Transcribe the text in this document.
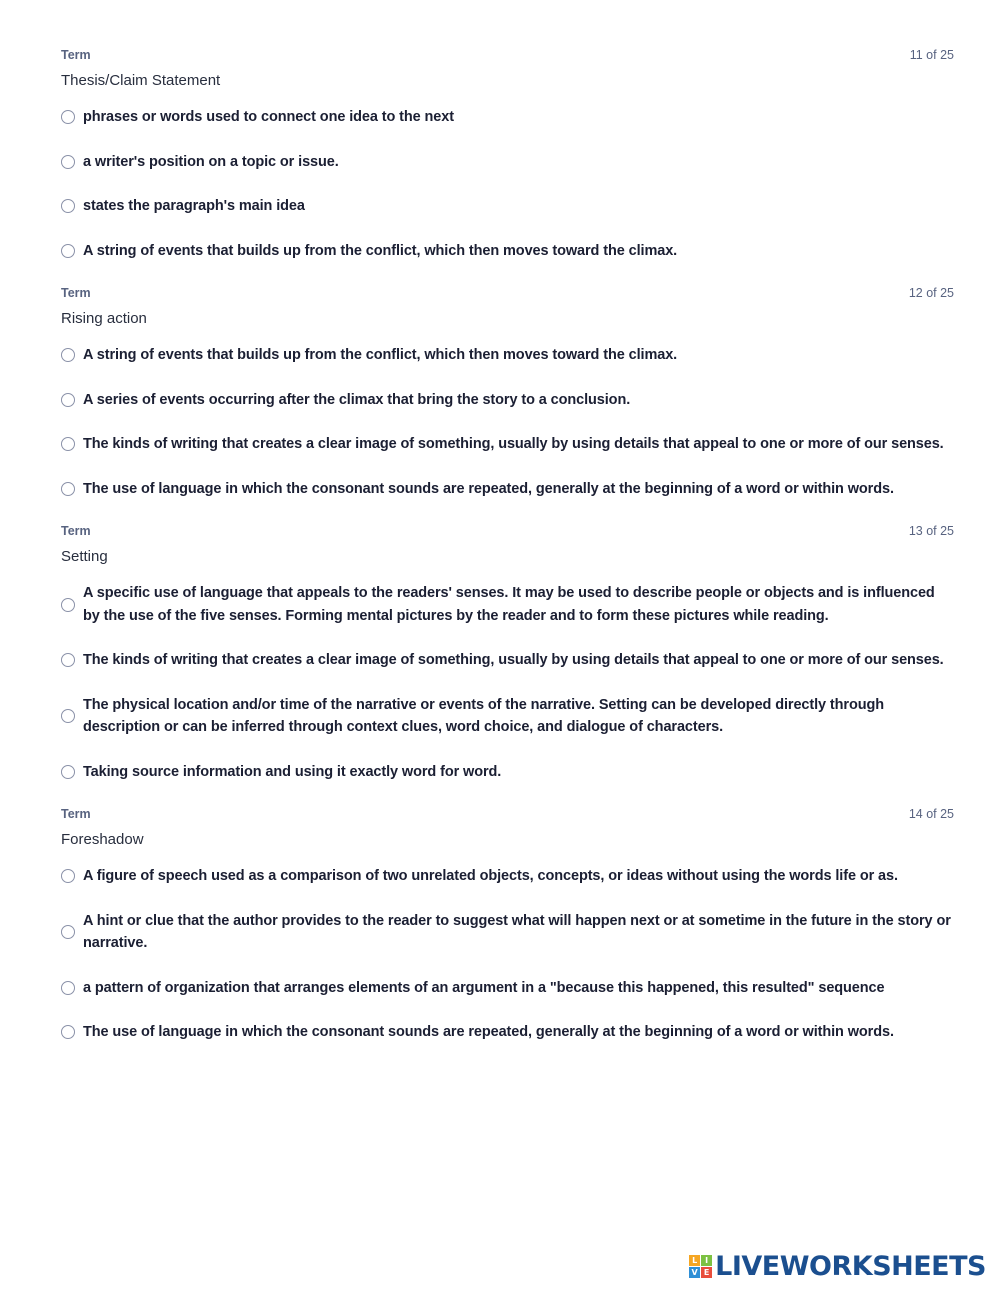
Term	11 of 25
Thesis/Claim Statement
phrases or words used to connect one idea to the next
a writer's position on a topic or issue.
states the paragraph's main idea
A string of events that builds up from the conflict, which then moves toward the climax.
Term	12 of 25
Rising action
A string of events that builds up from the conflict, which then moves toward the climax.
A series of events occurring after the climax that bring the story to a conclusion.
The kinds of writing that creates a clear image of something, usually by using details that appeal to one or more of our senses.
The use of language in which the consonant sounds are repeated, generally at the beginning of a word or within words.
Term	13 of 25
Setting
A specific use of language that appeals to the readers' senses. It may be used to describe people or objects and is influenced by the use of the five senses. Forming mental pictures by the reader and to form these pictures while reading.
The kinds of writing that creates a clear image of something, usually by using details that appeal to one or more of our senses.
The physical location and/or time of the narrative or events of the narrative. Setting can be developed directly through description or can be inferred through context clues, word choice, and dialogue of characters.
Taking source information and using it exactly word for word.
Term	14 of 25
Foreshadow
A figure of speech used as a comparison of two unrelated objects, concepts, or ideas without using the words life or as.
A hint or clue that the author provides to the reader to suggest what will happen next or at sometime in the future in the story or narrative.
a pattern of organization that arranges elements of an argument in a "because this happened, this resulted" sequence
The use of language in which the consonant sounds are repeated, generally at the beginning of a word or within words.
L I
V E LIVEWORKSHEETS
